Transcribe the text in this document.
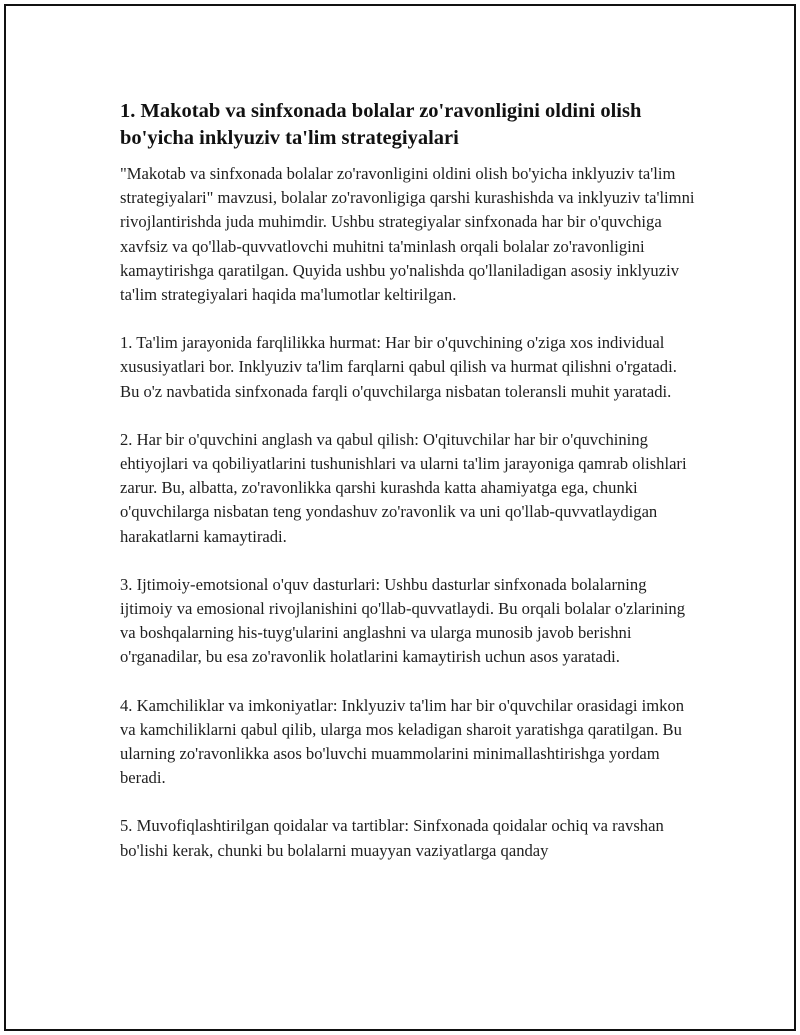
1. Makotab va sinfxonada bolalar zo'ravonligini oldini olish bo'yicha inklyuziv ta'lim strategiyalari

"Makotab va sinfxonada bolalar zo'ravonligini oldini olish bo'yicha inklyuziv ta'lim strategiyalari" mavzusi, bolalar zo'ravonligiga qarshi kurashishda va inklyuziv ta'limni rivojlantirishda juda muhimdir. Ushbu strategiyalar sinfxonada har bir o'quvchiga xavfsiz va qo'llab-quvvatlovchi muhitni ta'minlash orqali bolalar zo'ravonligini kamaytirishga qaratilgan. Quyida ushbu yo'nalishda qo'llaniladigan asosiy inklyuziv ta'lim strategiyalari haqida ma'lumotlar keltirilgan.

1. Ta'lim jarayonida farqlilikka hurmat: Har bir o'quvchining o'ziga xos individual xususiyatlari bor. Inklyuziv ta'lim farqlarni qabul qilish va hurmat qilishni o'rgatadi. Bu o'z navbatida sinfxonada farqli o'quvchilarga nisbatan toleransli muhit yaratadi.

2. Har bir o'quvchini anglash va qabul qilish: O'qituvchilar har bir o'quvchining ehtiyojlari va qobiliyatlarini tushunishlari va ularni ta'lim jarayoniga qamrab olishlari zarur. Bu, albatta, zo'ravonlikka qarshi kurashda katta ahamiyatga ega, chunki o'quvchilarga nisbatan teng yondashuv zo'ravonlik va uni qo'llab-quvvatlaydigan harakatlarni kamaytiradi.

3. Ijtimoiy-emotsional o'quv dasturlari: Ushbu dasturlar sinfxonada bolalarning ijtimoiy va emosional rivojlanishini qo'llab-quvvatlaydi. Bu orqali bolalar o'zlarining va boshqalarning his-tuyg'ularini anglashni va ularga munosib javob berishni o'rganadilar, bu esa zo'ravonlik holatlarini kamaytirish uchun asos yaratadi.

4. Kamchiliklar va imkoniyatlar: Inklyuziv ta'lim har bir o'quvchilar orasidagi imkon va kamchiliklarni qabul qilib, ularga mos keladigan sharoit yaratishga qaratilgan. Bu ularning zo'ravonlikka asos bo'luvchi muammolarini minimallashtirishga yordam beradi.

5. Muvofiqlashtirilgan qoidalar va tartiblar: Sinfxonada qoidalar ochiq va ravshan bo'lishi kerak, chunki bu bolalarni muayyan vaziyatlarga qanday
